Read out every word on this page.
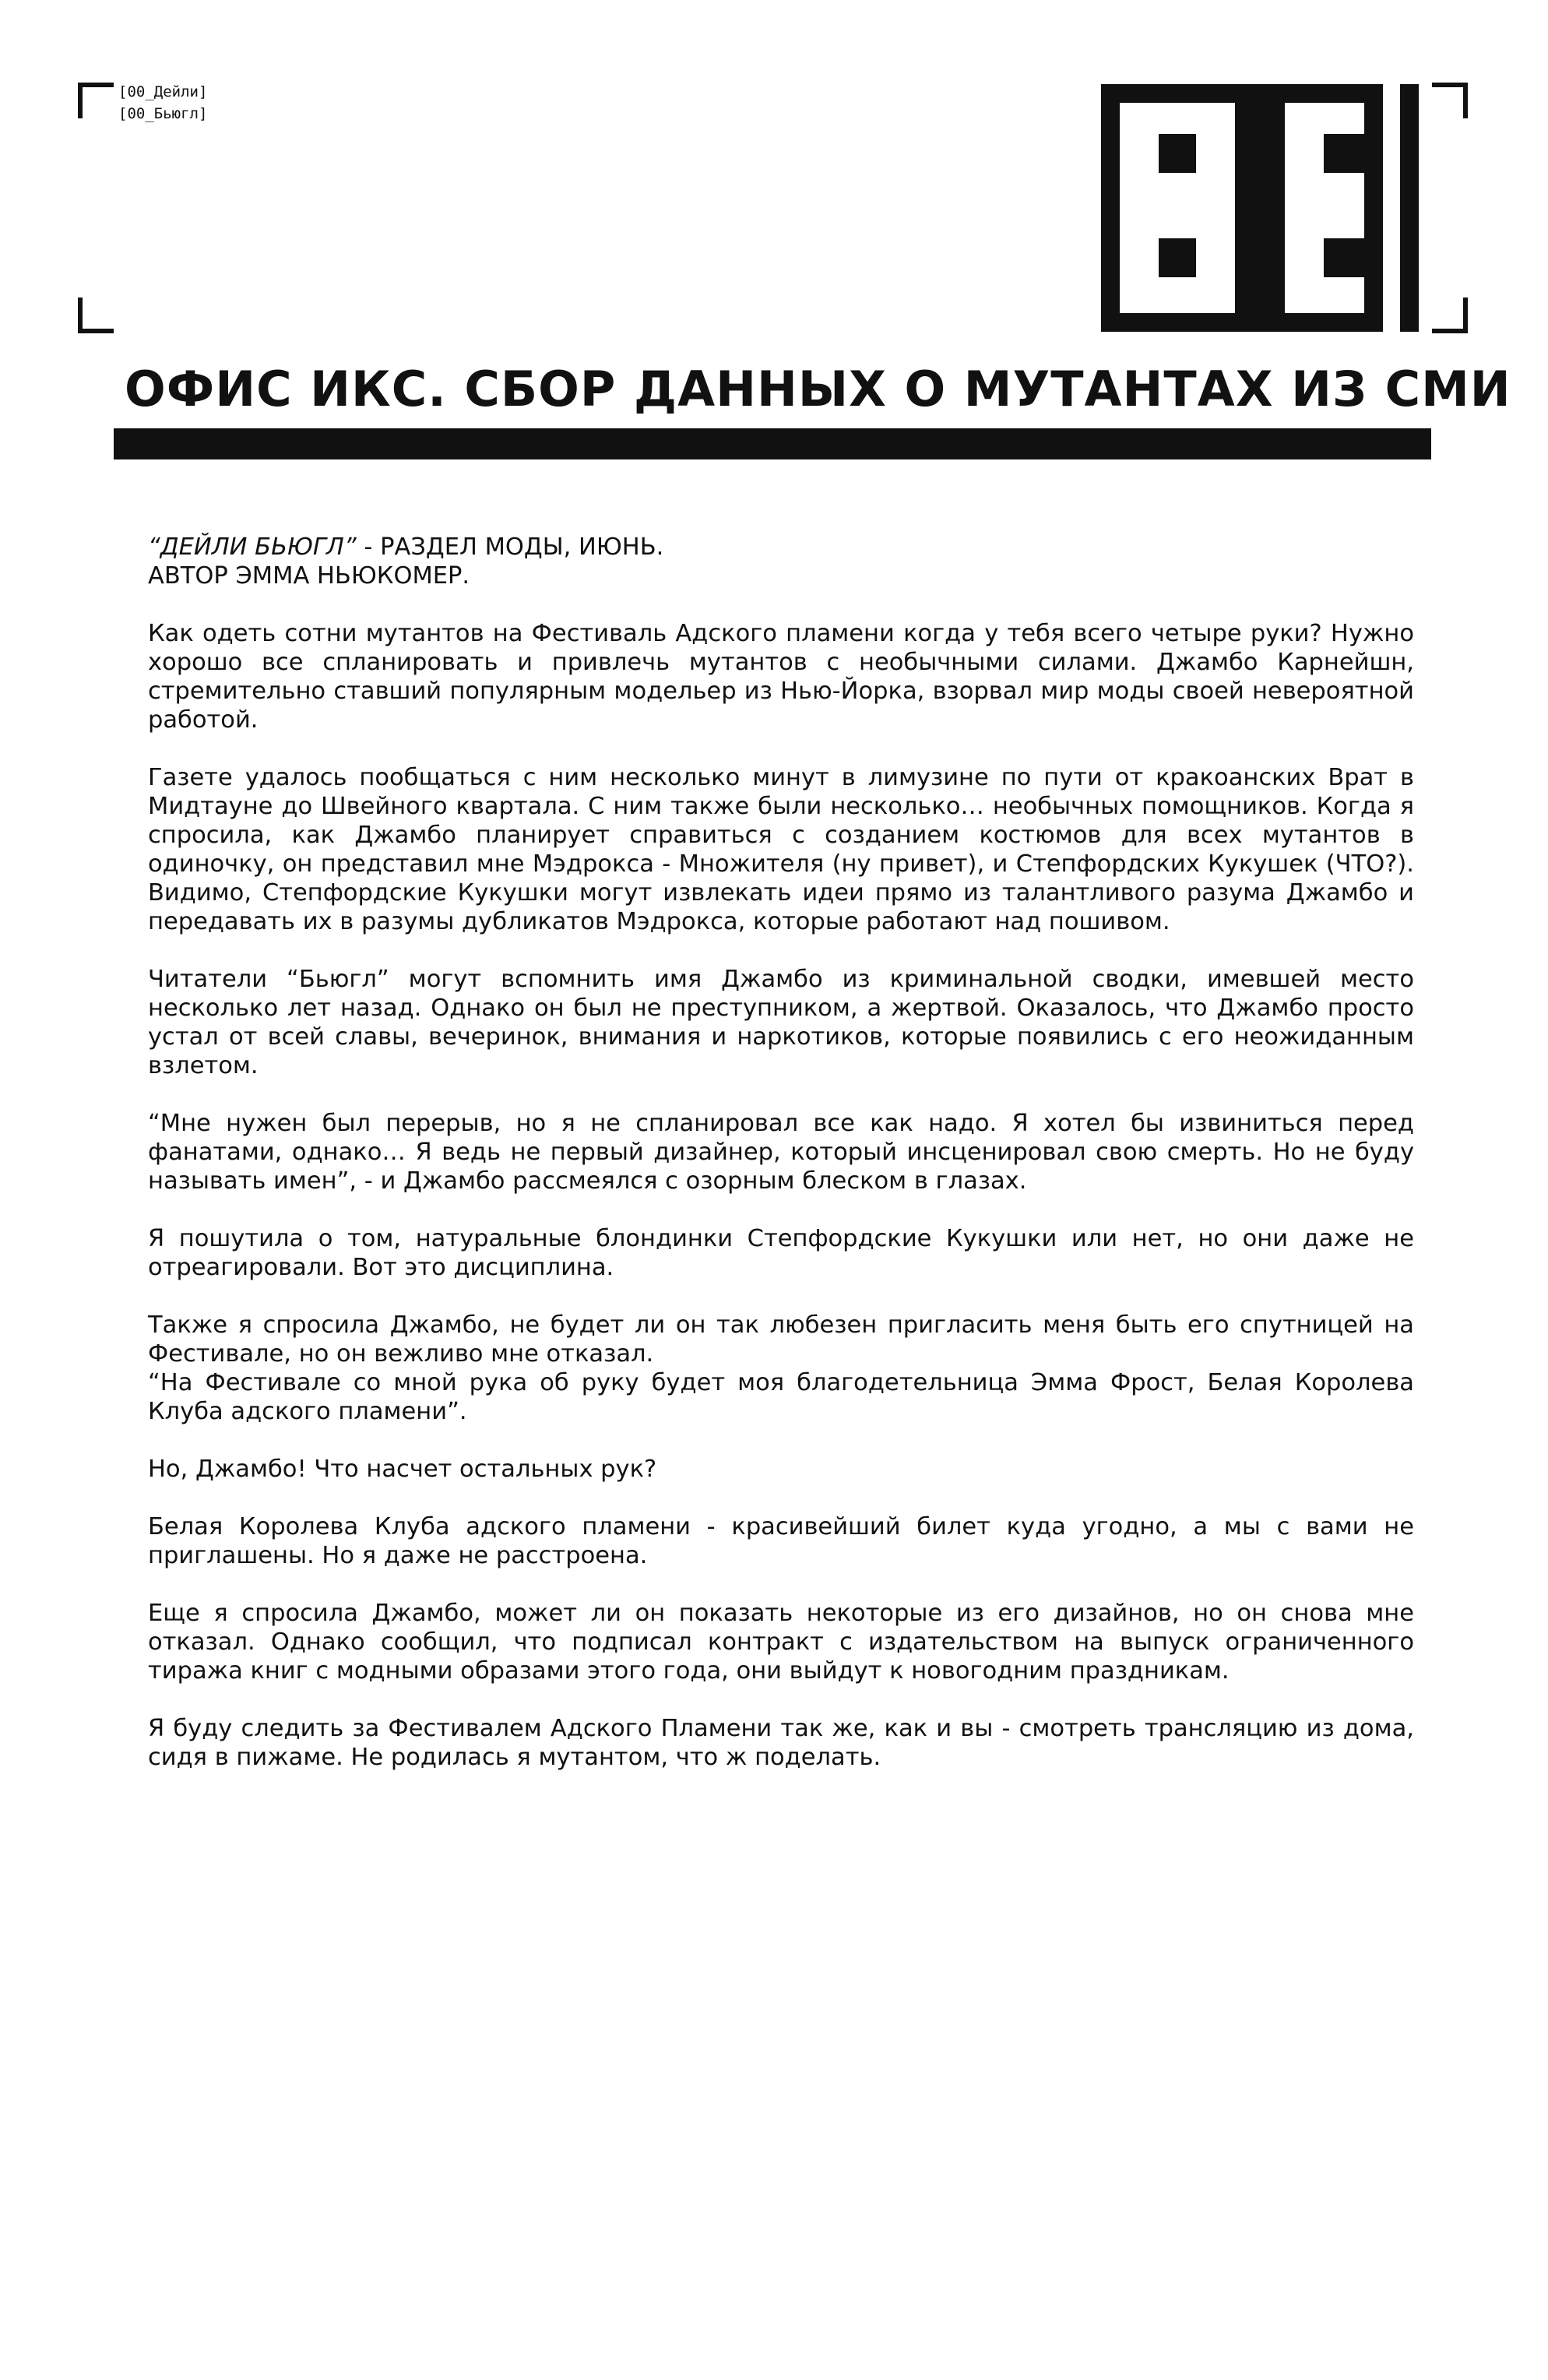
[00_Дейли]
[00_Бьюгл]
ОФИС ИКС. СБОР ДАННЫХ О МУТАНТАХ ИЗ СМИ

“ДЕЙЛИ БЬЮГЛ” - РАЗДЕЛ МОДЫ, ИЮНЬ.
АВТОР ЭММА НЬЮКОМЕР.

Как одеть сотни мутантов на Фестиваль Адского пламени когда у тебя всего четыре руки? Нужно хорошо все спланировать и привлечь мутантов с необычными силами. Джамбо Карнейшн, стремительно ставший популярным модельер из Нью-Йорка, взорвал мир моды своей невероятной работой.

Газете удалось пообщаться с ним несколько минут в лимузине по пути от кракоанских Врат в Мидтауне до Швейного квартала. С ним также были несколько… необычных помощников. Когда я спросила, как Джамбо планирует справиться с созданием костюмов для всех мутантов в одиночку, он представил мне Мэдрокса - Множителя (ну привет), и Степфордских Кукушек (ЧТО?). Видимо, Степфордские Кукушки могут извлекать идеи прямо из талантливого разума Джамбо и передавать их в разумы дубликатов Мэдрокса, которые работают над пошивом.

Читатели “Бьюгл” могут вспомнить имя Джамбо из криминальной сводки, имевшей место несколько лет назад. Однако он был не преступником, а жертвой. Оказалось, что Джамбо просто устал от всей славы, вечеринок, внимания и наркотиков, которые появились с его неожиданным взлетом.

“Мне нужен был перерыв, но я не спланировал все как надо. Я хотел бы извиниться перед фанатами, однако… Я ведь не первый дизайнер, который инсценировал свою смерть. Но не буду называть имен”, - и Джамбо рассмеялся с озорным блеском в глазах.

Я пошутила о том, натуральные блондинки Степфордские Кукушки или нет, но они даже не отреагировали. Вот это дисциплина.

Также я спросила Джамбо, не будет ли он так любезен пригласить меня быть его спутницей на Фестивале, но он вежливо мне отказал.
“На Фестивале со мной рука об руку будет моя благодетельница Эмма Фрост, Белая Королева Клуба адского пламени”.

Но, Джамбо! Что насчет остальных рук?

Белая Королева Клуба адского пламени - красивейший билет куда угодно, а мы с вами не приглашены. Но я даже не расстроена.

Еще я спросила Джамбо, может ли он показать некоторые из его дизайнов, но он снова мне отказал. Однако сообщил, что подписал контракт с издательством на выпуск ограниченного тиража книг с модными образами этого года, они выйдут к новогодним праздникам.

Я буду следить за Фестивалем Адского Пламени так же, как и вы - смотреть трансляцию из дома, сидя в пижаме. Не родилась я мутантом, что ж поделать.
